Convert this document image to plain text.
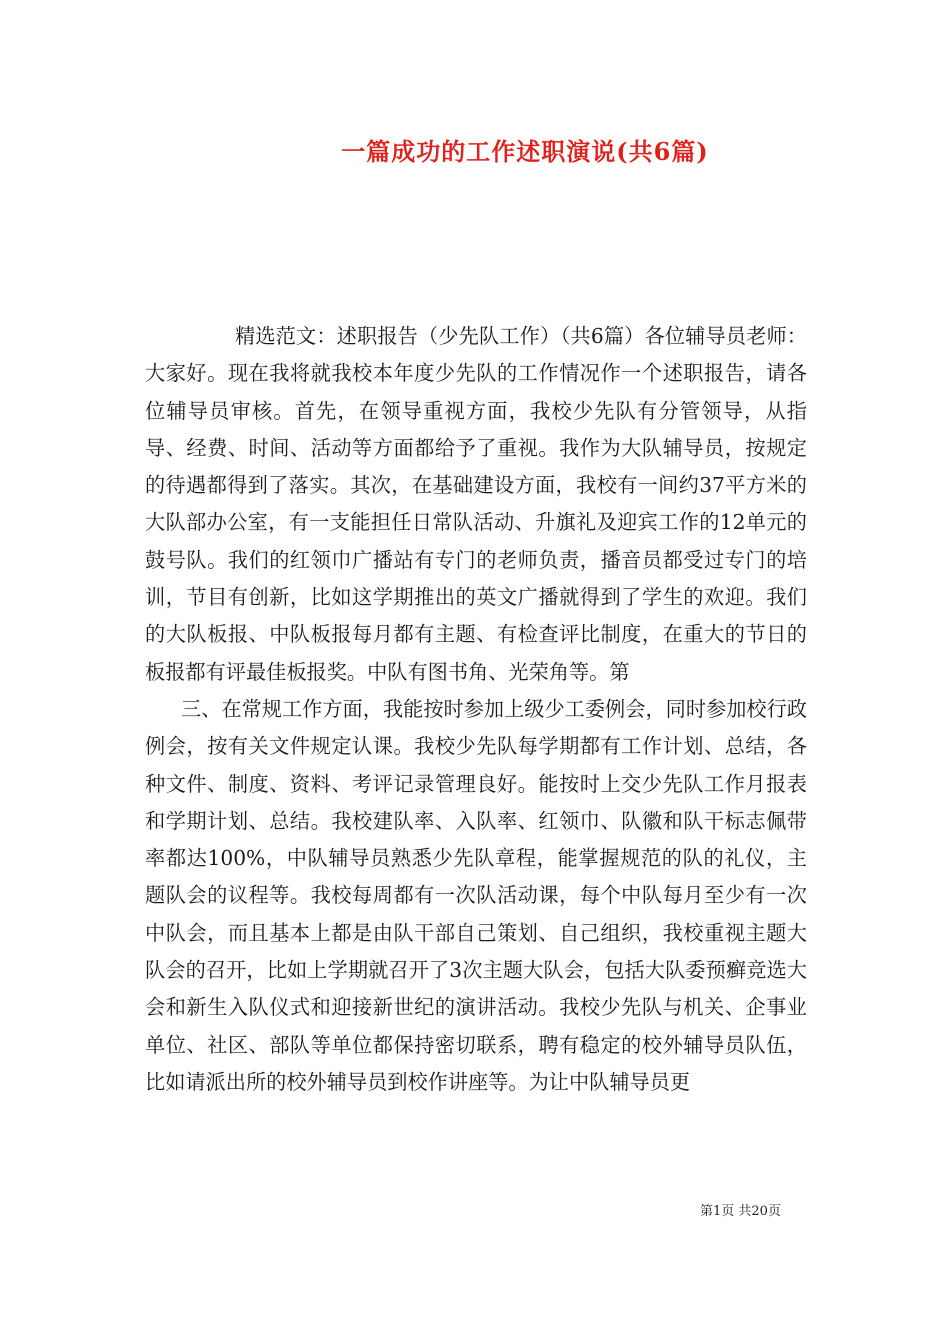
一篇成功的工作述职演说(共6篇)

精选范文：述职报告（少先队工作）（共6篇）各位辅导员老师：大家好。现在我将就我校本年度少先队的工作情况作一个述职报告，请各位辅导员审核。首先，在领导重视方面，我校少先队有分管领导，从指导、经费、时间、活动等方面都给予了重视。我作为大队辅导员，按规定的待遇都得到了落实。其次，在基础建设方面，我校有一间约37平方米的大队部办公室，有一支能担任日常队活动、升旗礼及迎宾工作的12单元的鼓号队。我们的红领巾广播站有专门的老师负责，播音员都受过专门的培训，节目有创新，比如这学期推出的英文广播就得到了学生的欢迎。我们的大队板报、中队板报每月都有主题、有检查评比制度，在重大的节日的板报都有评最佳板报奖。中队有图书角、光荣角等。第

三、在常规工作方面，我能按时参加上级少工委例会，同时参加校行政例会，按有关文件规定认课。我校少先队每学期都有工作计划、总结，各种文件、制度、资料、考评记录管理良好。能按时上交少先队工作月报表和学期计划、总结。我校建队率、入队率、红领巾、队徽和队干标志佩带率都达100%，中队辅导员熟悉少先队章程，能掌握规范的队的礼仪，主题队会的议程等。我校每周都有一次队活动课，每个中队每月至少有一次中队会，而且基本上都是由队干部自己策划、自己组织，我校重视主题大队会的召开，比如上学期就召开了3次主题大队会，包括大队委预癣竞选大会和新生入队仪式和迎接新世纪的演讲活动。我校少先队与机关、企事业单位、社区、部队等单位都保持密切联系，聘有稳定的校外辅导员队伍，比如请派出所的校外辅导员到校作讲座等。为让中队辅导员更

第1页 共20页
